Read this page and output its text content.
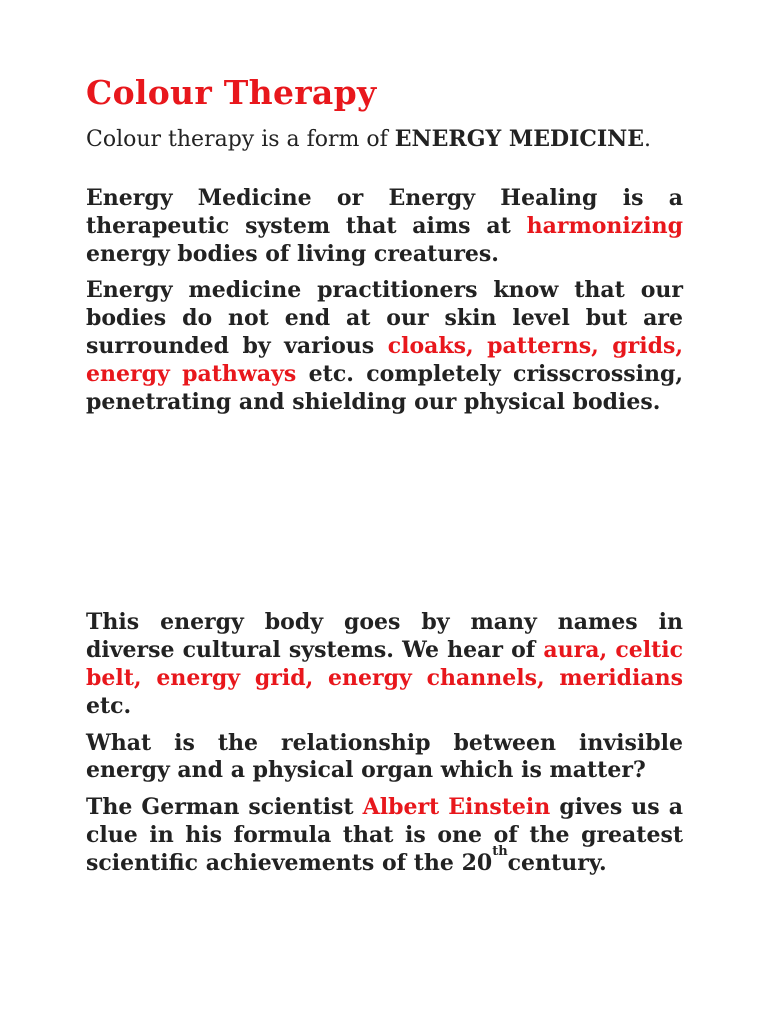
Colour Therapy

Colour therapy is a form of ENERGY MEDICINE.

Energy Medicine or Energy Healing is a therapeutic system that aims at harmonizing energy bodies of living creatures.

Energy medicine practitioners know that our bodies do not end at our skin level but are surrounded by various cloaks, patterns, grids, energy pathways etc. completely crisscrossing, penetrating and shielding our physical bodies.

This energy body goes by many names in diverse cultural systems. We hear of aura, celtic belt, energy grid, energy channels, meridians etc.

What is the relationship between invisible energy and a physical organ which is matter?

The German scientist Albert Einstein gives us a clue in his formula that is one of the greatest scientific achievements of the 20thcentury.
